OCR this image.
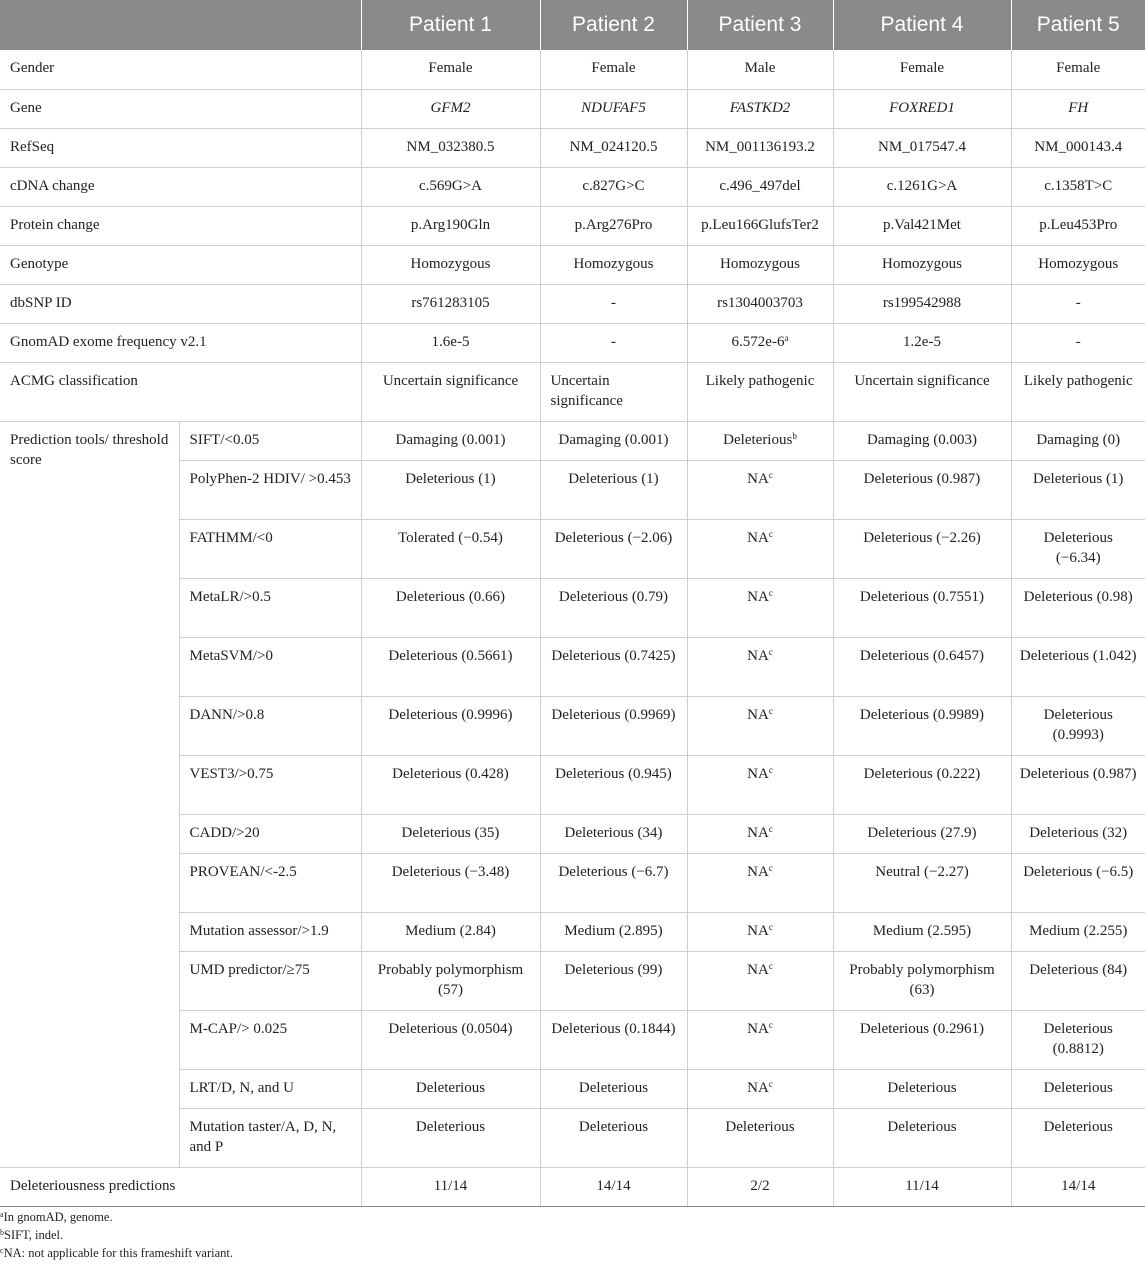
		Patient 1	Patient 2	Patient 3	Patient 4	Patient 5
Gender		Female	Female	Male	Female	Female
Gene		GFM2	NDUFAF5	FASTKD2	FOXRED1	FH
RefSeq		NM_032380.5	NM_024120.5	NM_001136193.2	NM_017547.4	NM_000143.4
cDNA change		c.569G>A	c.827G>C	c.496_497del	c.1261G>A	c.1358T>C
Protein change		p.Arg190Gln	p.Arg276Pro	p.Leu166GlufsTer2	p.Val421Met	p.Leu453Pro
Genotype		Homozygous	Homozygous	Homozygous	Homozygous	Homozygous
dbSNP ID		rs761283105	-	rs1304003703	rs199542988	-
GnomAD exome frequency v2.1		1.6e-5	-	6.572e-6$^a$	1.2e-5	-
ACMG classification		Uncertain significance	Uncertain significance	Likely pathogenic	Uncertain significance	Likely pathogenic
Prediction tools/ threshold score	SIFT/<0.05	Damaging (0.001)	Damaging (0.001)	Deleterious$^b$	Damaging (0.003)	Damaging (0)
	PolyPhen-2 HDIV/ >0.453	Deleterious (1)	Deleterious (1)	$NA^c$	Deleterious (0.987)	Deleterious (1)
	FATHMM/<0	Tolerated (−0.54)	Deleterious (−2.06)	$NA^c$	Deleterious (−2.26)	Deleterious (−6.34)
	MetaLR/>0.5	Deleterious (0.66)	Deleterious (0.79)	$NA^c$	Deleterious (0.7551)	Deleterious (0.98)
	MetaSVM/>0	Deleterious (0.5661)	Deleterious (0.7425)	$NA^c$	Deleterious (0.6457)	Deleterious (1.042)
	DANN/>0.8	Deleterious (0.9996)	Deleterious (0.9969)	$NA^c$	Deleterious (0.9989)	Deleterious (0.9993)
	VEST3/>0.75	Deleterious (0.428)	Deleterious (0.945)	$NA^c$	Deleterious (0.222)	Deleterious (0.987)
	CADD/>20	Deleterious (35)	Deleterious (34)	$NA^c$	Deleterious (27.9)	Deleterious (32)
	PROVEAN/<-2.5	Deleterious (−3.48)	Deleterious (−6.7)	$NA^c$	Neutral (−2.27)	Deleterious (−6.5)
	Mutation assessor/>1.9	Medium (2.84)	Medium (2.895)	$NA^c$	Medium (2.595)	Medium (2.255)
	UMD predictor/≥75	Probably polymorphism (57)	Deleterious (99)	$NA^c$	Probably polymorphism (63)	Deleterious (84)
	M-CAP/> 0.025	Deleterious (0.0504)	Deleterious (0.1844)	$NA^c$	Deleterious (0.2961)	Deleterious (0.8812)
	LRT/D, N, and U	Deleterious	Deleterious	$NA^c$	Deleterious	Deleterious
	Mutation taster/A, D, N, and P	Deleterious	Deleterious	Deleterious	Deleterious	Deleterious
Deleteriousness predictions		11/14	14/14	2/2	11/14	14/14
$^a$In gnomAD, genome.
$^b$SIFT, indel.
$^c$NA: not applicable for this frameshift variant.
